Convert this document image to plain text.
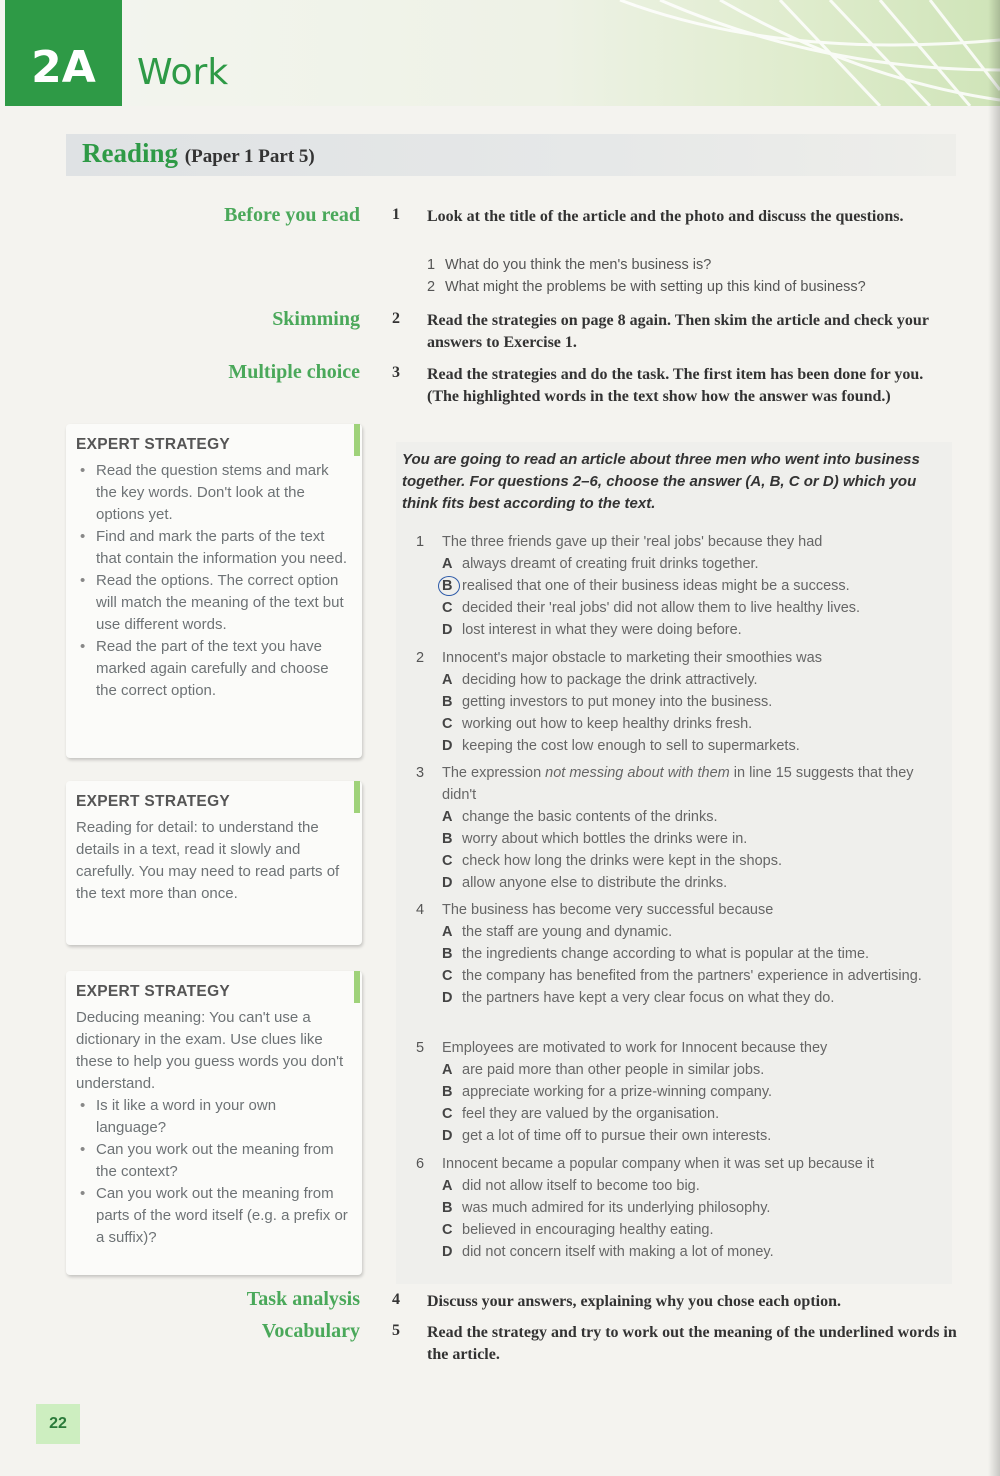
2A	Work
Reading (Paper 1 Part 5)
Before you read
Skimming
Multiple choice
Task analysis
Vocabulary
1 Look at the title of the article and the photo and discuss the questions.
1 What do you think the men's business is?
2 What might the problems be with setting up this kind of business?
2 Read the strategies on page 8 again. Then skim the article and check your answers to Exercise 1.
3 Read the strategies and do the task. The first item has been done for you. (The highlighted words in the text show how the answer was found.)
EXPERT STRATEGY
• Read the question stems and mark the key words. Don't look at the options yet.
• Find and mark the parts of the text that contain the information you need.
• Read the options. The correct option will match the meaning of the text but use different words.
• Read the part of the text you have marked again carefully and choose the correct option.
EXPERT STRATEGY
Reading for detail: to understand the details in a text, read it slowly and carefully. You may need to read parts of the text more than once.
EXPERT STRATEGY
Deducing meaning: You can't use a dictionary in the exam. Use clues like these to help you guess words you don't understand.
• Is it like a word in your own language?
• Can you work out the meaning from the context?
• Can you work out the meaning from parts of the word itself (e.g. a prefix or a suffix)?
You are going to read an article about three men who went into business together. For questions 2–6, choose the answer (A, B, C or D) which you think fits best according to the text.
1 The three friends gave up their 'real jobs' because they had
A always dreamt of creating fruit drinks together.
B realised that one of their business ideas might be a success.
C decided their 'real jobs' did not allow them to live healthy lives.
D lost interest in what they were doing before.
2 Innocent's major obstacle to marketing their smoothies was
A deciding how to package the drink attractively.
B getting investors to put money into the business.
C working out how to keep healthy drinks fresh.
D keeping the cost low enough to sell to supermarkets.
3 The expression not messing about with them in line 15 suggests that they didn't
A change the basic contents of the drinks.
B worry about which bottles the drinks were in.
C check how long the drinks were kept in the shops.
D allow anyone else to distribute the drinks.
4 The business has become very successful because
A the staff are young and dynamic.
B the ingredients change according to what is popular at the time.
C the company has benefited from the partners' experience in advertising.
D the partners have kept a very clear focus on what they do.
5 Employees are motivated to work for Innocent because they
A are paid more than other people in similar jobs.
B appreciate working for a prize-winning company.
C feel they are valued by the organisation.
D get a lot of time off to pursue their own interests.
6 Innocent became a popular company when it was set up because it
A did not allow itself to become too big.
B was much admired for its underlying philosophy.
C believed in encouraging healthy eating.
D did not concern itself with making a lot of money.
4 Discuss your answers, explaining why you chose each option.
5 Read the strategy and try to work out the meaning of the underlined words in the article.
22
